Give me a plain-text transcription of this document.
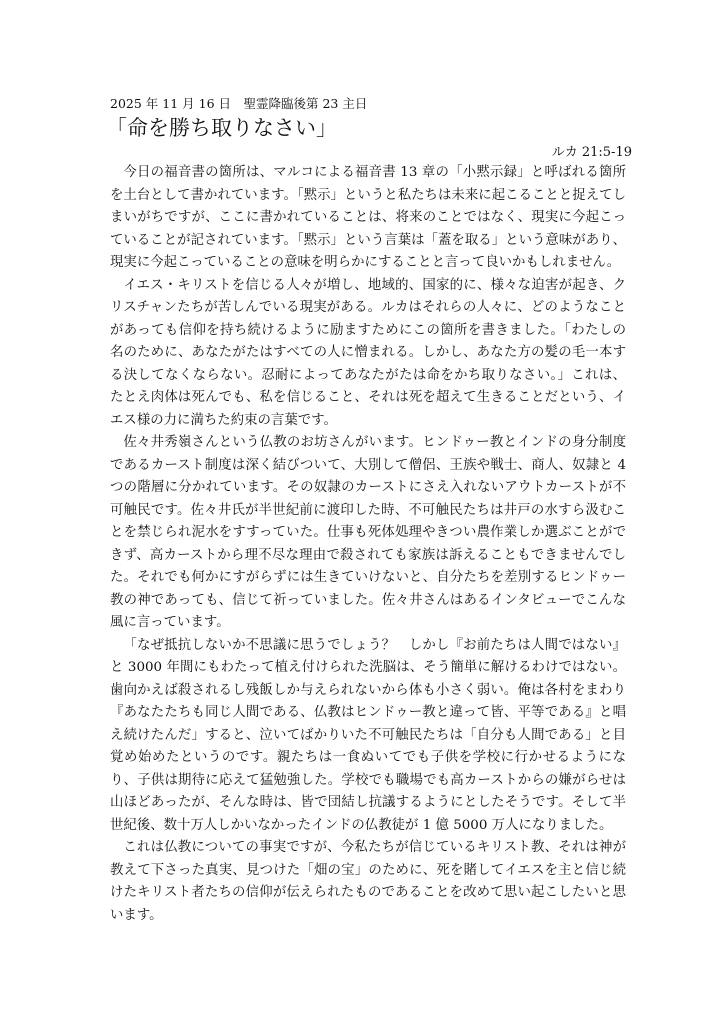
2025 年 11 月 16 日　聖霊降臨後第 23 主日
「命を勝ち取りなさい」
ルカ 21:5-19

今日の福音書の箇所は、マルコによる福音書 13 章の「小黙示録」と呼ばれる箇所を土台として書かれています。「黙示」というと私たちは未来に起こることと捉えてしまいがちですが、ここに書かれていることは、将来のことではなく、現実に今起こっていることが記されています。「黙示」という言葉は「蓋を取る」という意味があり、現実に今起こっていることの意味を明らかにすることと言って良いかもしれません。

イエス・キリストを信じる人々が増し、地域的、国家的に、様々な迫害が起き、クリスチャンたちが苦しんでいる現実がある。ルカはそれらの人々に、どのようなことがあっても信仰を持ち続けるように励ますためにこの箇所を書きました。「わたしの名のために、あなたがたはすべての人に憎まれる。しかし、あなた方の髪の毛一本する決してなくならない。忍耐によってあなたがたは命をかち取りなさい。」これは、たとえ肉体は死んでも、私を信じること、それは死を超えて生きることだという、イエス様の力に満ちた約束の言葉です。

佐々井秀嶺さんという仏教のお坊さんがいます。ヒンドゥー教とインドの身分制度であるカースト制度は深く結びついて、大別して僧侶、王族や戦士、商人、奴隷と 4 つの階層に分かれています。その奴隷のカーストにさえ入れないアウトカーストが不可触民です。佐々井氏が半世紀前に渡印した時、不可触民たちは井戸の水すら汲むことを禁じられ泥水をすすっていた。仕事も死体処理やきつい農作業しか選ぶことができず、高カーストから理不尽な理由で殺されても家族は訴えることもできませんでした。それでも何かにすがらずには生きていけないと、自分たちを差別するヒンドゥー教の神であっても、信じて祈っていました。佐々井さんはあるインタビューでこんな風に言っています。

「なぜ抵抗しないか不思議に思うでしょう？　しかし『お前たちは人間ではない』と 3000 年間にもわたって植え付けられた洗脳は、そう簡単に解けるわけではない。歯向かえば殺されるし残飯しか与えられないから体も小さく弱い。俺は各村をまわり『あなたたちも同じ人間である、仏教はヒンドゥー教と違って皆、平等である』と唱え続けたんだ」すると、泣いてばかりいた不可触民たちは「自分も人間である」と目覚め始めたというのです。親たちは一食ぬいてでも子供を学校に行かせるようになり、子供は期待に応えて猛勉強した。学校でも職場でも高カーストからの嫌がらせは山ほどあったが、そんな時は、皆で団結し抗議するようにとしたそうです。そして半世紀後、数十万人しかいなかったインドの仏教徒が 1 億 5000 万人になりました。

これは仏教についての事実ですが、今私たちが信じているキリスト教、それは神が教えて下さった真実、見つけた「畑の宝」のために、死を賭してイエスを主と信じ続けたキリスト者たちの信仰が伝えられたものであることを改めて思い起こしたいと思います。
